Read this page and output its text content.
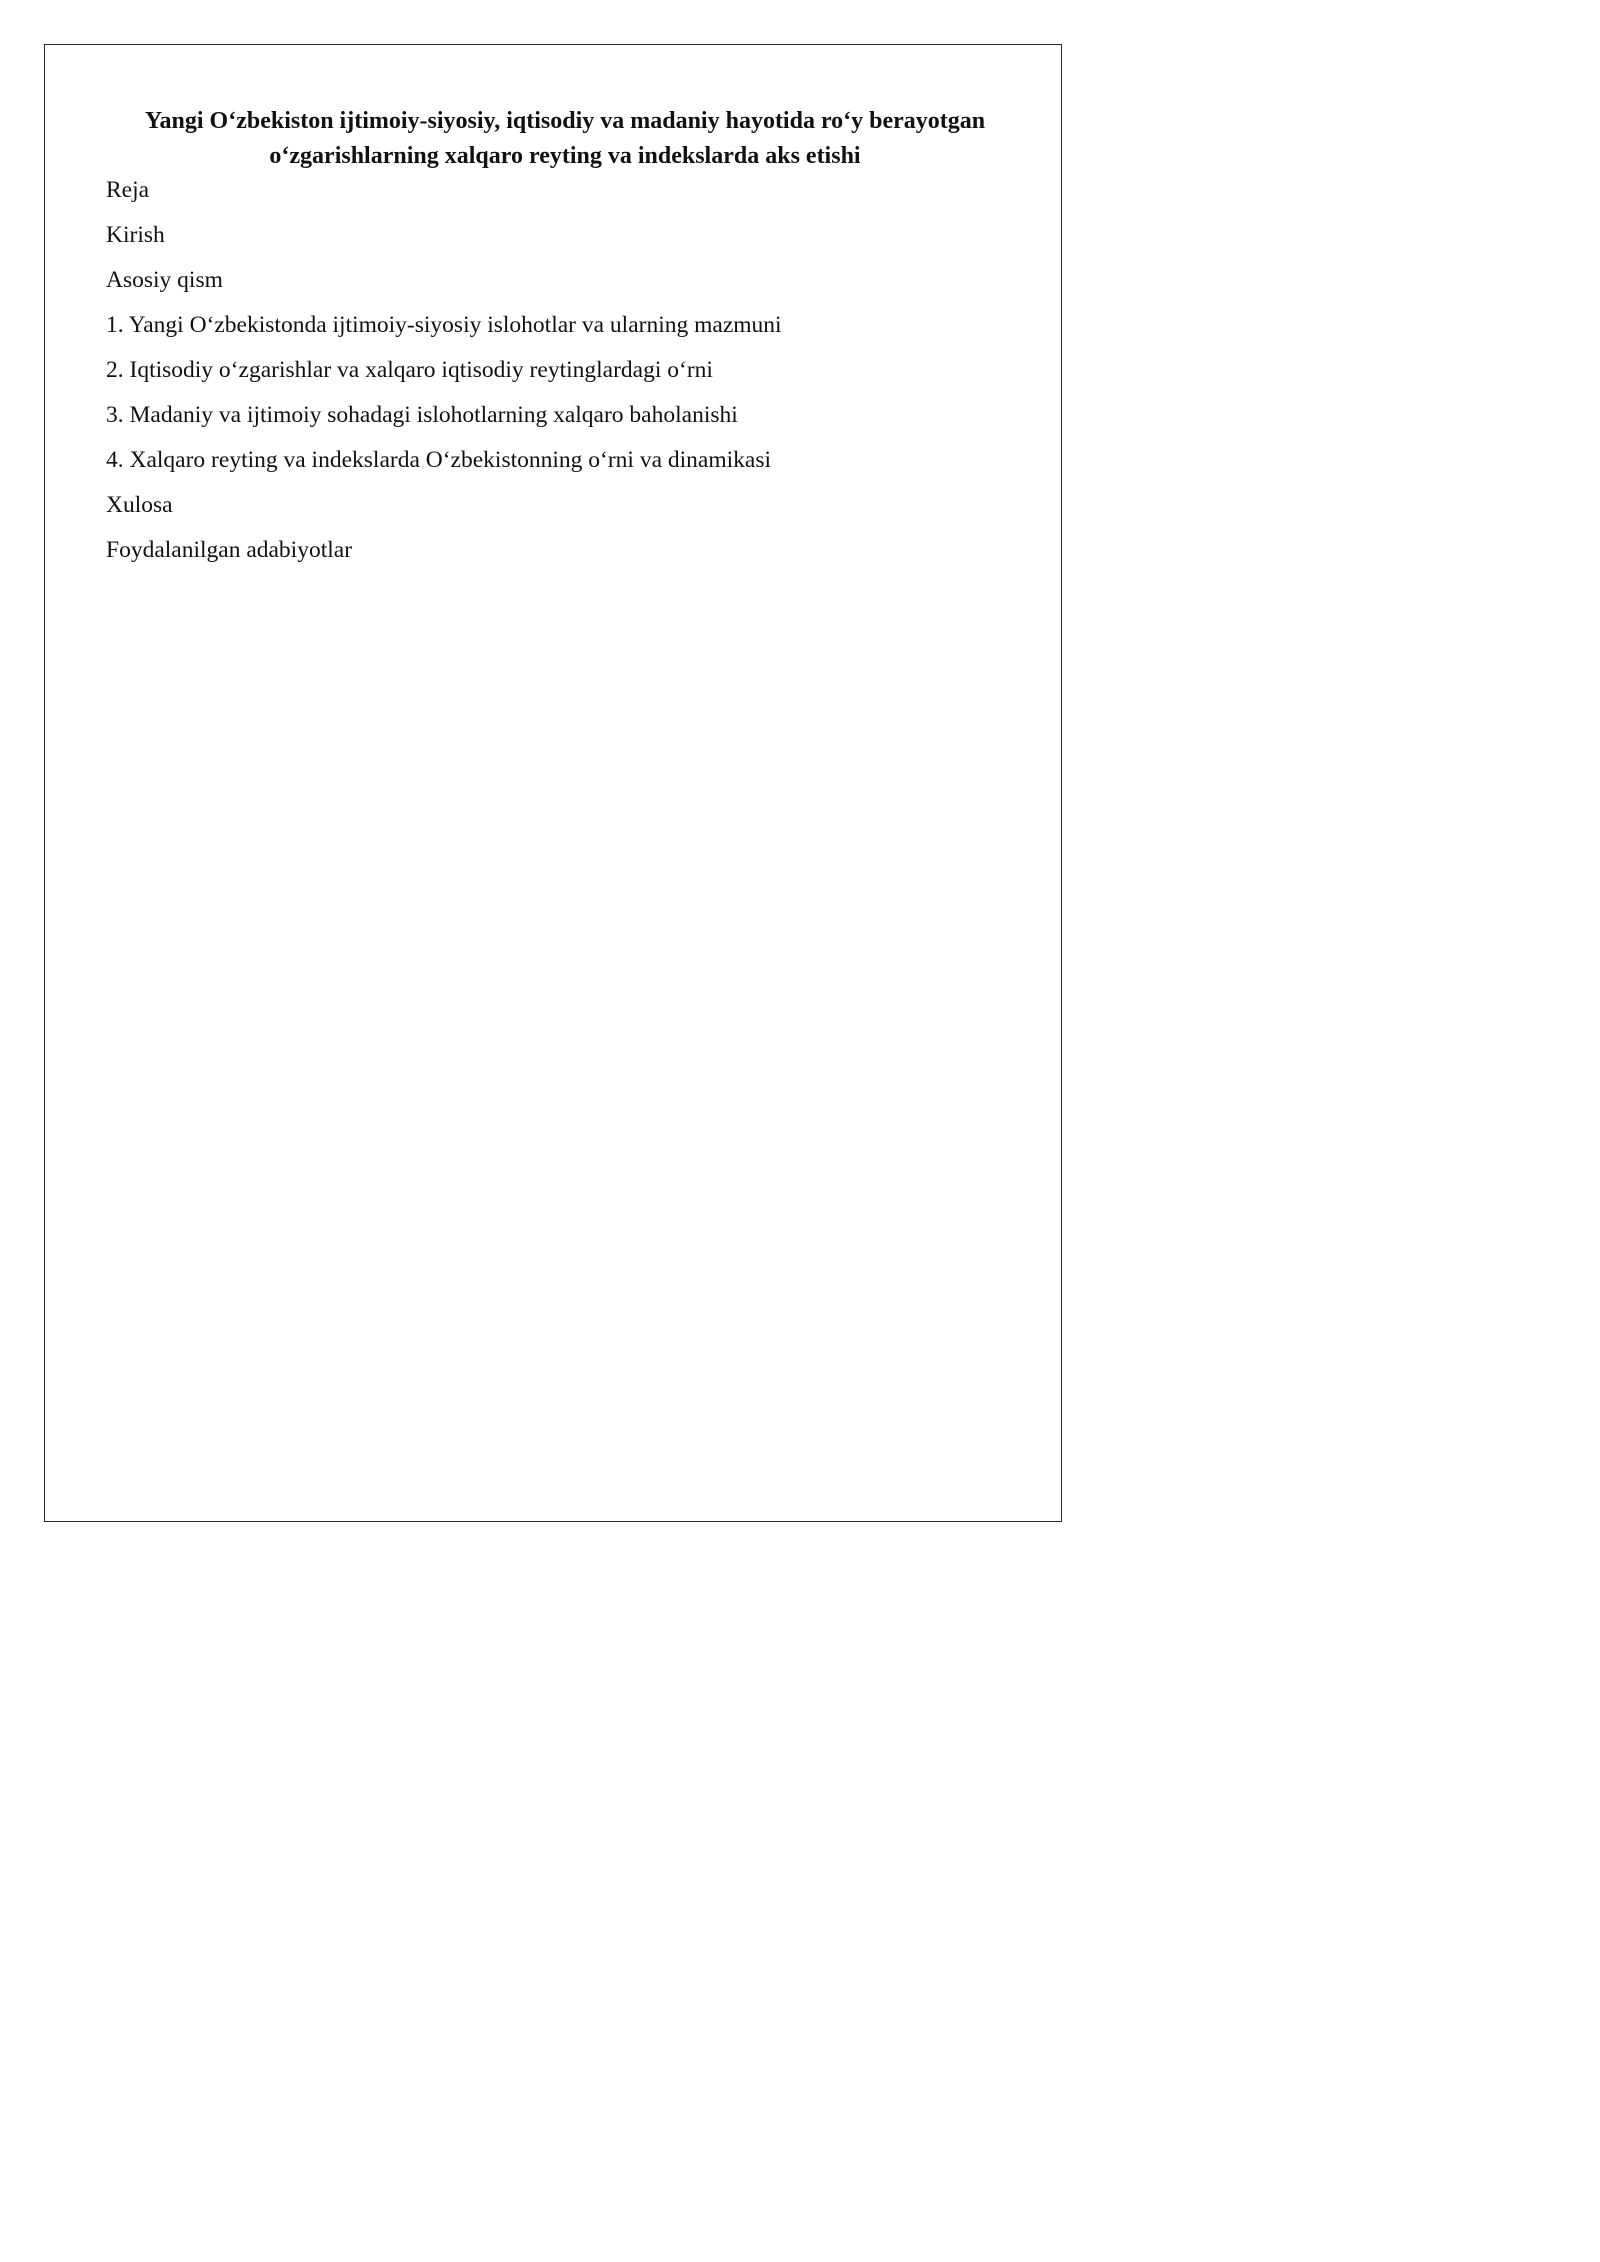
Yangi O‘zbekiston ijtimoiy-siyosiy, iqtisodiy va madaniy hayotida ro‘y berayotgan
o‘zgarishlarning xalqaro reyting va indekslarda aks etishi
Reja
Kirish
Asosiy qism
1. Yangi O‘zbekistonda ijtimoiy-siyosiy islohotlar va ularning mazmuni
2. Iqtisodiy o‘zgarishlar va xalqaro iqtisodiy reytinglardagi o‘rni
3. Madaniy va ijtimoiy sohadagi islohotlarning xalqaro baholanishi
4. Xalqaro reyting va indekslarda O‘zbekistonning o‘rni va dinamikasi
Xulosa
Foydalanilgan adabiyotlar
